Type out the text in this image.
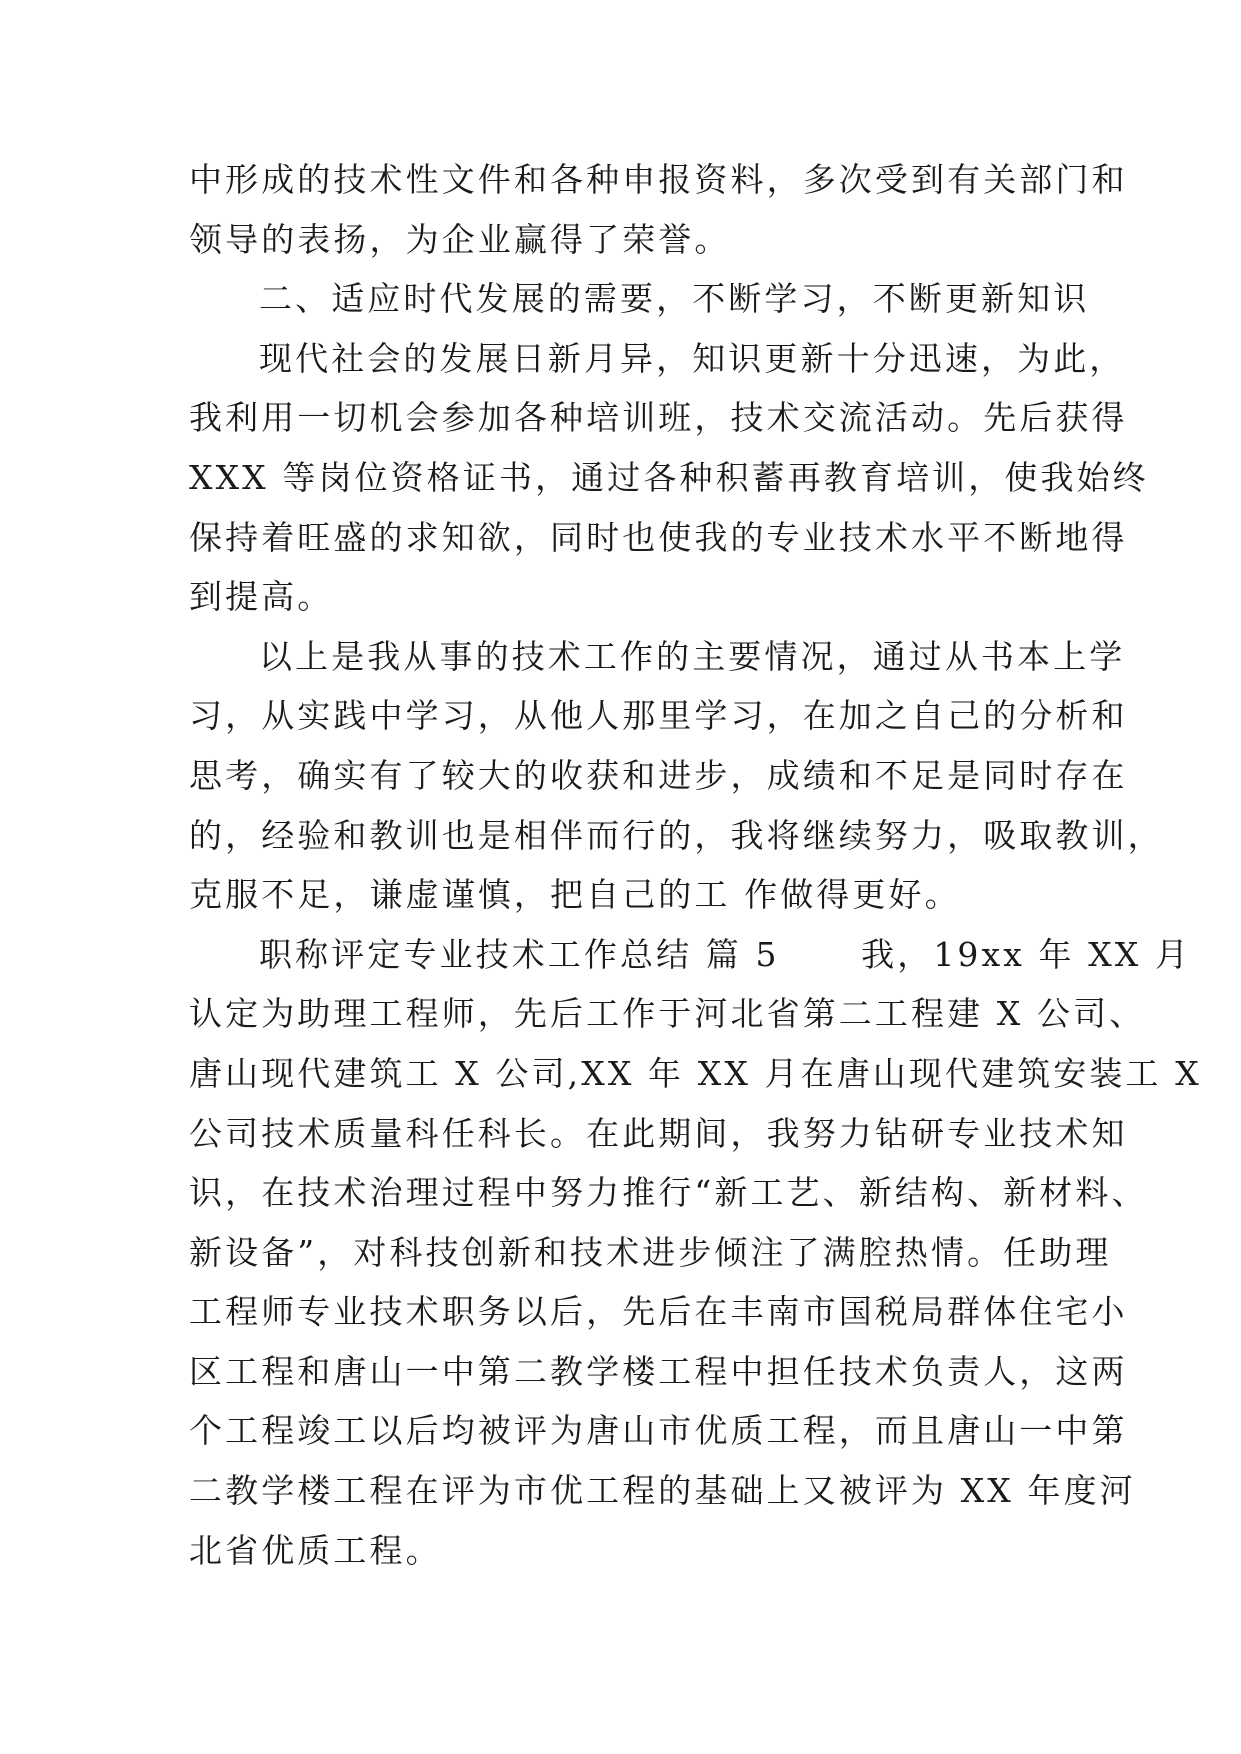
中形成的技术性文件和各种申报资料，多次受到有关部门和
领导的表扬，为企业赢得了荣誉。
二、适应时代发展的需要，不断学习，不断更新知识
现代社会的发展日新月异，知识更新十分迅速，为此，
我利用一切机会参加各种培训班，技术交流活动。先后获得
XXX 等岗位资格证书，通过各种积蓄再教育培训，使我始终
保持着旺盛的求知欲，同时也使我的专业技术水平不断地得
到提高。
以上是我从事的技术工作的主要情况，通过从书本上学
习，从实践中学习，从他人那里学习，在加之自己的分析和
思考，确实有了较大的收获和进步，成绩和不足是同时存在
的，经验和教训也是相伴而行的，我将继续努力，吸取教训，
克服不足，谦虚谨慎，把自己的工 作做得更好。
职称评定专业技术工作总结 篇 5      我，19xx 年 XX 月
认定为助理工程师，先后工作于河北省第二工程建 X 公司、
唐山现代建筑工 X 公司,XX 年 XX 月在唐山现代建筑安装工 X
公司技术质量科任科长。在此期间，我努力钻研专业技术知
识，在技术治理过程中努力推行“新工艺、新结构、新材料、
新设备”，对科技创新和技术进步倾注了满腔热情。任助理
工程师专业技术职务以后，先后在丰南市国税局群体住宅小
区工程和唐山一中第二教学楼工程中担任技术负责人，这两
个工程竣工以后均被评为唐山市优质工程，而且唐山一中第
二教学楼工程在评为市优工程的基础上又被评为 XX 年度河
北省优质工程。
